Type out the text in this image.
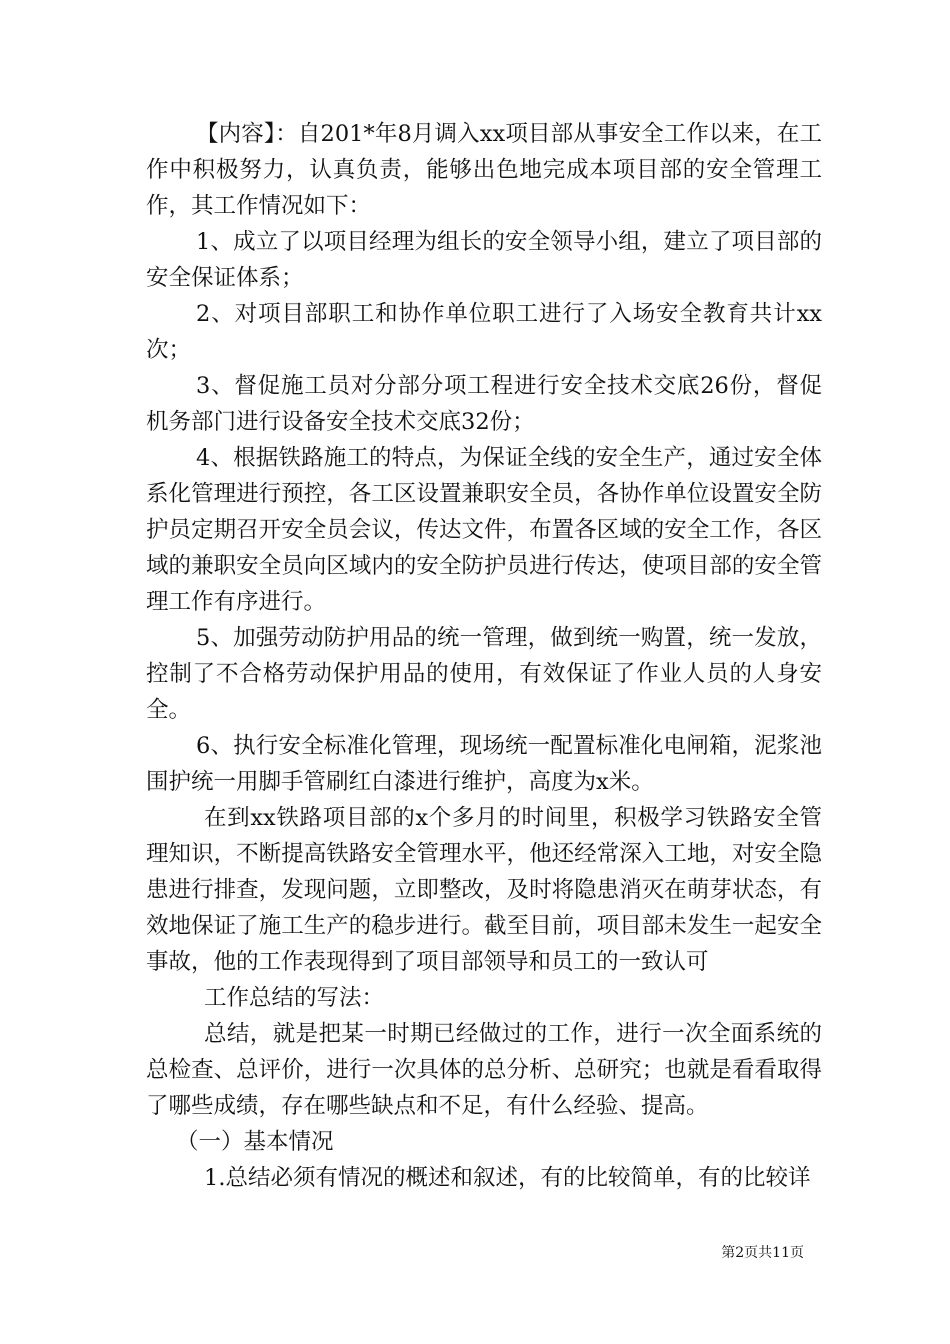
【内容】：自201*年8月调入xx项目部从事安全工作以来，在工作中积极努力，认真负责，能够出色地完成本项目部的安全管理工作，其工作情况如下：

1、成立了以项目经理为组长的安全领导小组，建立了项目部的安全保证体系；

2、对项目部职工和协作单位职工进行了入场安全教育共计xx次；

3、督促施工员对分部分项工程进行安全技术交底26份，督促机务部门进行设备安全技术交底32份；

4、根据铁路施工的特点，为保证全线的安全生产，通过安全体系化管理进行预控，各工区设置兼职安全员，各协作单位设置安全防护员定期召开安全员会议，传达文件，布置各区域的安全工作，各区域的兼职安全员向区域内的安全防护员进行传达，使项目部的安全管理工作有序进行。

5、加强劳动防护用品的统一管理，做到统一购置，统一发放，控制了不合格劳动保护用品的使用，有效保证了作业人员的人身安全。

6、执行安全标准化管理，现场统一配置标准化电闸箱，泥浆池围护统一用脚手管刷红白漆进行维护，高度为x米。

在到xx铁路项目部的x个多月的时间里，积极学习铁路安全管理知识，不断提高铁路安全管理水平，他还经常深入工地，对安全隐患进行排查，发现问题，立即整改，及时将隐患消灭在萌芽状态，有效地保证了施工生产的稳步进行。截至目前，项目部未发生一起安全事故，他的工作表现得到了项目部领导和员工的一致认可

工作总结的写法：

总结，就是把某一时期已经做过的工作，进行一次全面系统的总检查、总评价，进行一次具体的总分析、总研究；也就是看看取得了哪些成绩，存在哪些缺点和不足，有什么经验、提高。

（一）基本情况

1.总结必须有情况的概述和叙述，有的比较简单，有的比较详

第2页共11页
